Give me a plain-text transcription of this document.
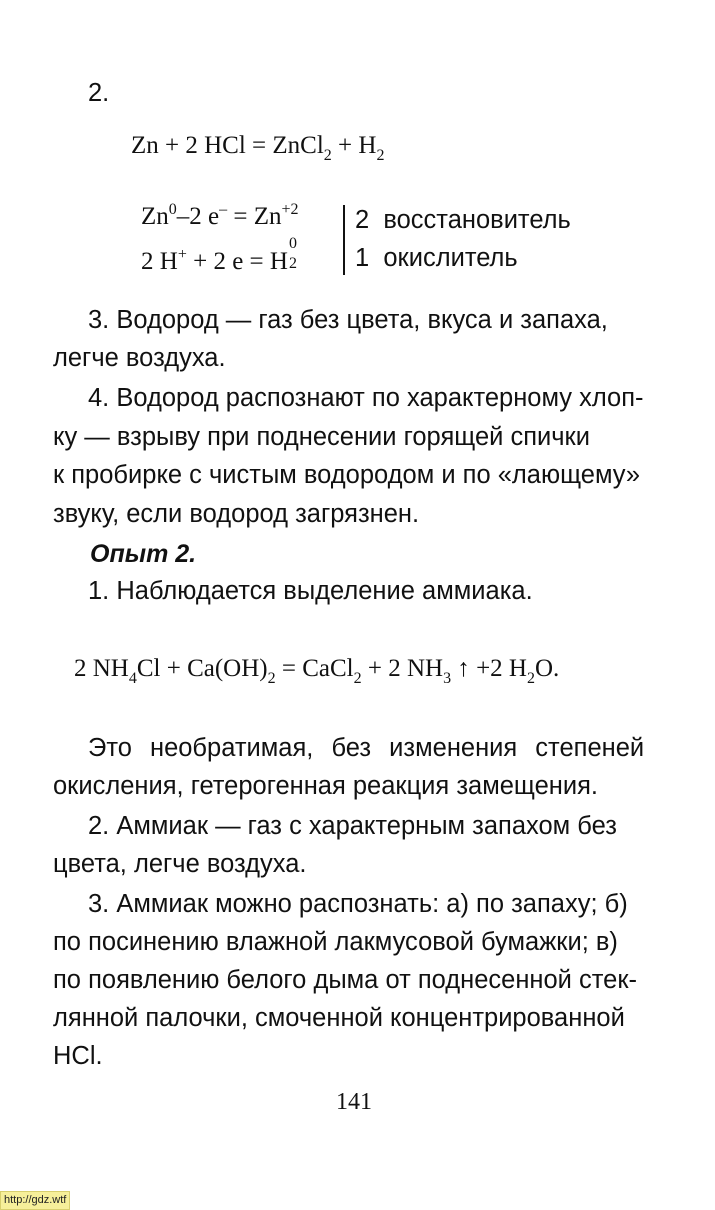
2.
Zn + 2 HCl = ZnCl$_2$ + $H_2$
Zn$^0$–2 $e^- = Zn^{+2}$ 2 восстановитель
2 H+ + 2 e = H
0
2 1 окислитель
3. Водород — газ без цвета, вкуса и запаха,
легче воздуха.
4. Водород распознают по характерному хлоп-
ку — взрыву при поднесении горящей спички
к пробирке с чистым водородом и по «лающему»
звуку, если водород загрязнен.
Опыт 2.
1. Наблюдается выделение аммиака.
2 $NH_4Cl + Ca(OH)_2$ = CaCl$_2$ + 2 $NH_3$ ↑ +2 $H_2O$.
Это необратимая, без изменения степеней
окисления, гетерогенная реакция замещения.
2. Аммиак — газ с характерным запахом без
цвета, легче воздуха.
3. Аммиак можно распознать: а) по запаху; б)
по посинению влажной лакмусовой бумажки; в)
по появлению белого дыма от поднесенной стек-
лянной палочки, смоченной концентрированной
HCl.
141
http://gdz.wtf
